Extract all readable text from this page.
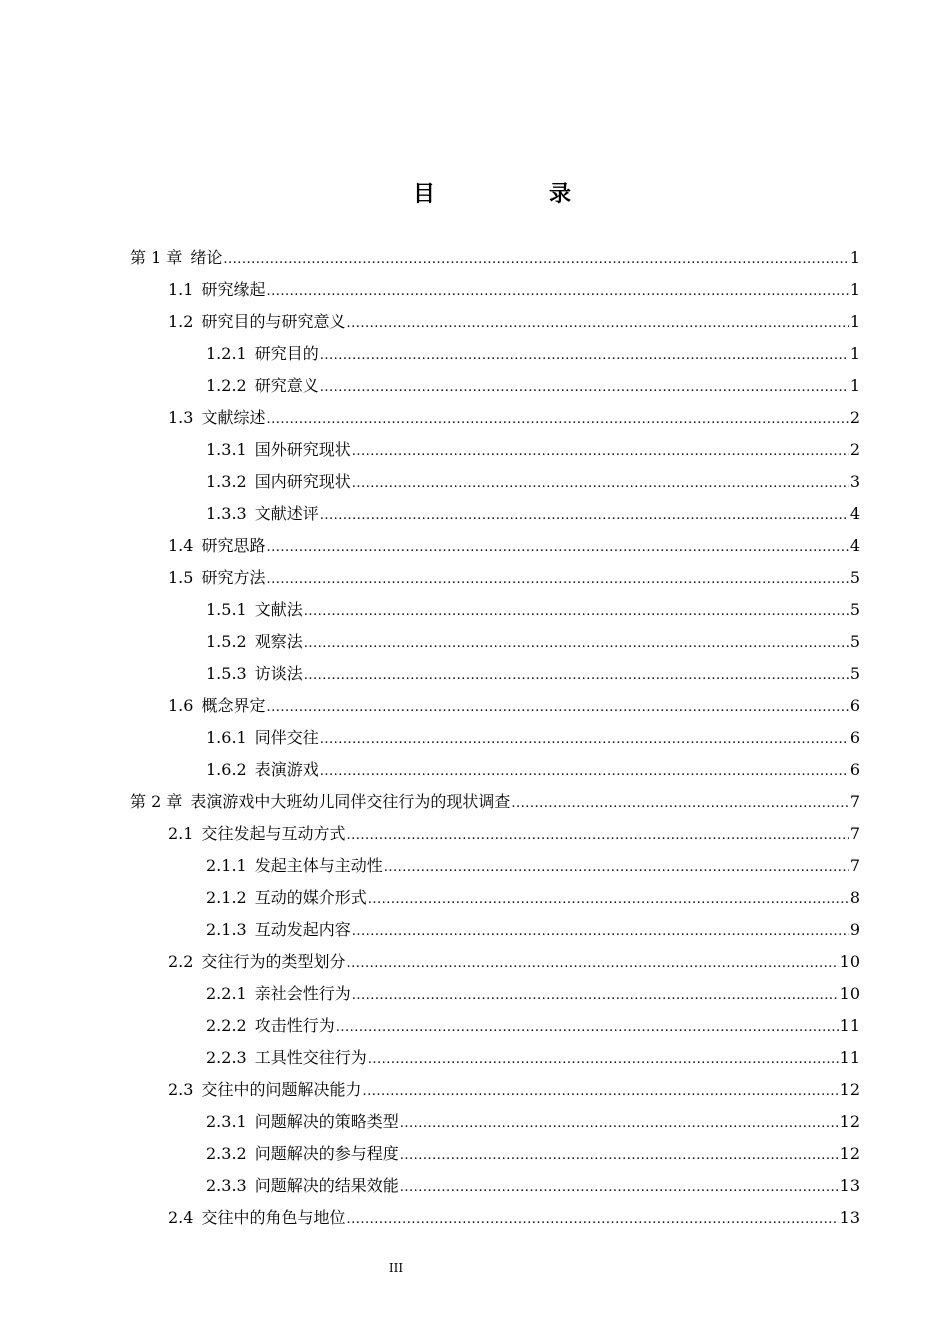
目　录
第 1 章 绪论 .....	1
1.1 研究缘起 .....	1
1.2 研究目的与研究意义 .....	1
1.2.1 研究目的 .....	1
1.2.2 研究意义 .....	1
1.3 文献综述 .....	2
1.3.1 国外研究现状 .....	2
1.3.2 国内研究现状 .....	3
1.3.3 文献述评 .....	4
1.4 研究思路 .....	4
1.5 研究方法 .....	5
1.5.1 文献法 .....	5
1.5.2 观察法 .....	5
1.5.3 访谈法 .....	5
1.6 概念界定 .....	6
1.6.1 同伴交往 .....	6
1.6.2 表演游戏 .....	6
第 2 章 表演游戏中大班幼儿同伴交往行为的现状调查 .....	7
2.1 交往发起与互动方式 .....	7
2.1.1 发起主体与主动性 .....	7
2.1.2 互动的媒介形式 .....	8
2.1.3 互动发起内容 .....	9
2.2 交往行为的类型划分 .....	10
2.2.1 亲社会性行为 .....	10
2.2.2 攻击性行为 .....	11
2.2.3 工具性交往行为 .....	11
2.3 交往中的问题解决能力 .....	12
2.3.1 问题解决的策略类型 .....	12
2.3.2 问题解决的参与程度 .....	12
2.3.3 问题解决的结果效能 .....	13
2.4 交往中的角色与地位 .....	13
III
